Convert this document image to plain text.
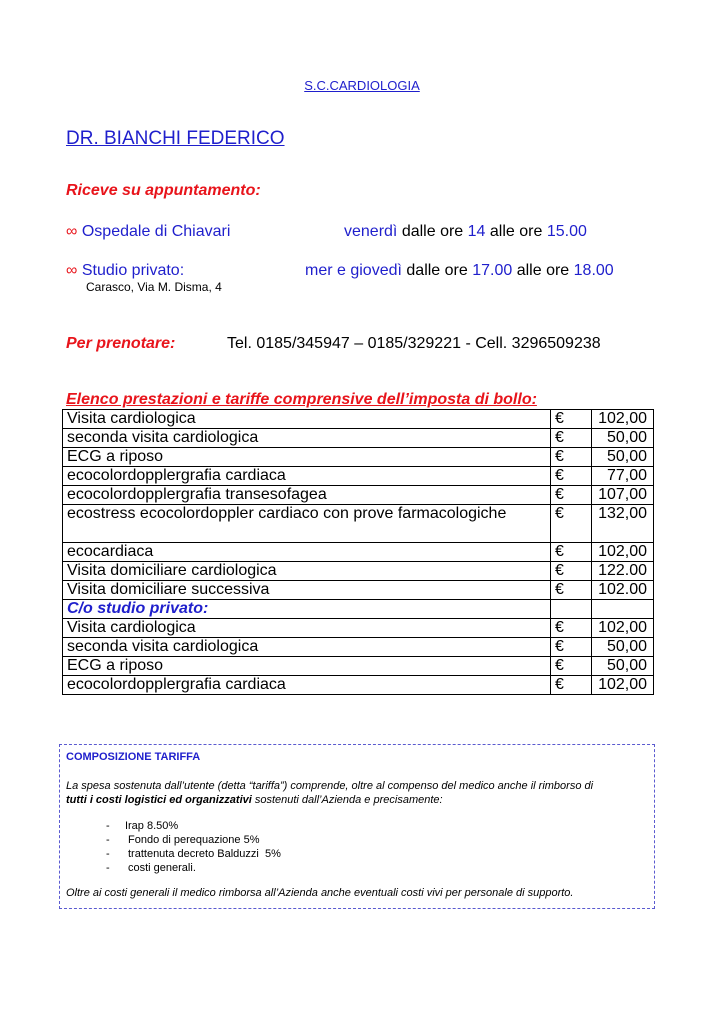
S.C.CARDIOLOGIA
DR. BIANCHI FEDERICO
Riceve su appuntamento:
∞ Ospedale di Chiavari	venerdì dalle ore 14 alle ore 15.00
∞ Studio privato:	mer e giovedì dalle ore 17.00 alle ore 18.00
Carasco, Via M. Disma, 4
Per prenotare:	Tel. 0185/345947 – 0185/329221 - Cell. 3296509238
Elenco prestazioni e tariffe comprensive dell’imposta di bollo:
Visita cardiologica	€	102,00
seconda visita cardiologica	€	50,00
ECG a riposo	€	50,00
ecocolordopplergrafia cardiaca	€	77,00
ecocolordopplergrafia transesofagea	€	107,00
ecostress ecocolordoppler cardiaco con prove farmacologiche	€	132,00
ecocardiaca	€	102,00
Visita domiciliare cardiologica	€	122.00
Visita domiciliare successiva	€	102.00
C/o studio privato:		
Visita cardiologica	€	102,00
seconda visita cardiologica	€	50,00
ECG a riposo	€	50,00
ecocolordopplergrafia cardiaca	€	102,00
COMPOSIZIONE TARIFFA
La spesa sostenuta dall’utente (detta “tariffa”) comprende, oltre al compenso del medico anche il rimborso di
tutti i costi logistici ed organizzativi sostenuti dall’Azienda e precisamente:
-     Irap 8.50%
-      Fondo di perequazione 5%
-      trattenuta decreto Balduzzi  5%
-      costi generali.
Oltre ai costi generali il medico rimborsa all’Azienda anche eventuali costi vivi per personale di supporto.
